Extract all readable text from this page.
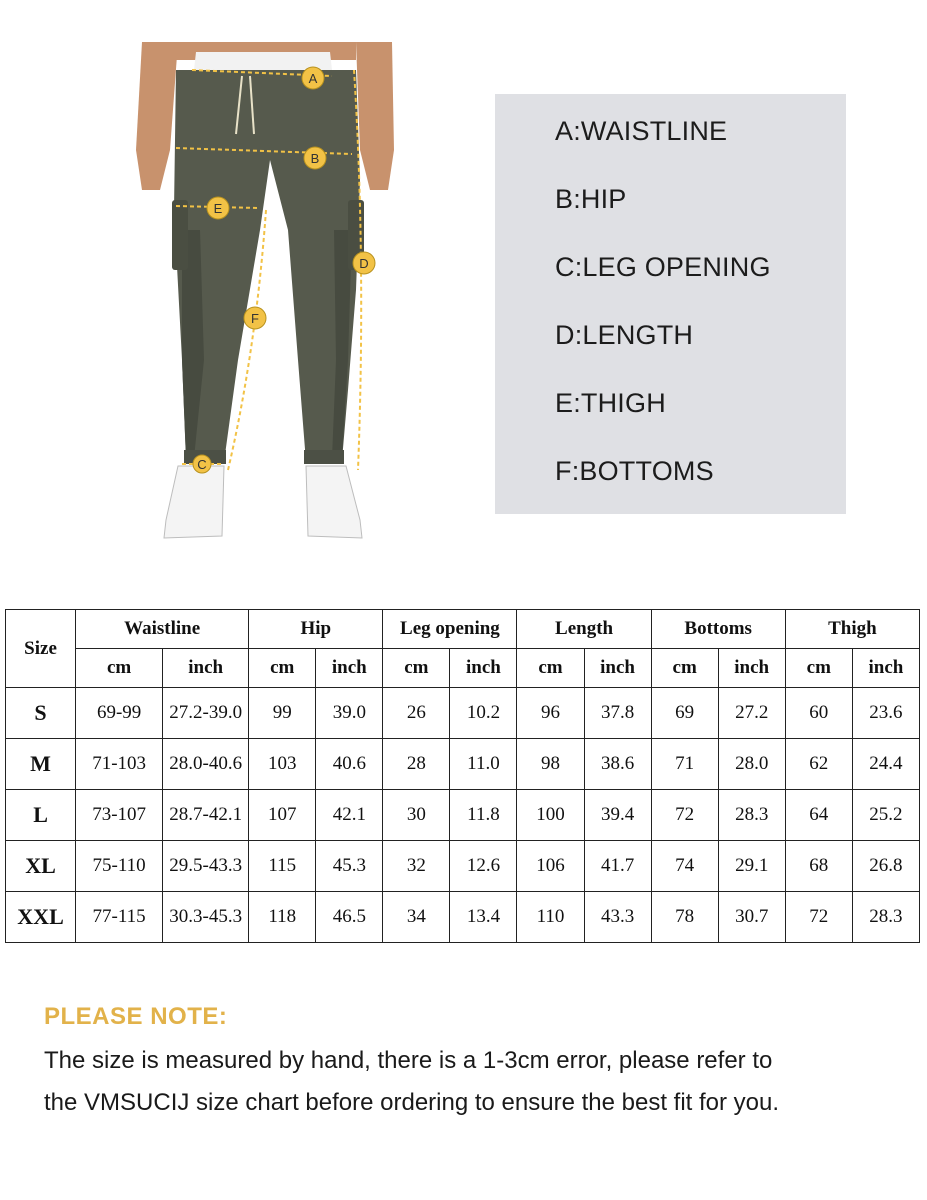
A
B
C
D
E
F
A:WAISTLINE
B:HIP
C:LEG OPENING
D:LENGTH
E:THIGH
F:BOTTOMS
Size	Waistline		Hip		Leg opening		Length		Bottoms		Thigh	
	cm	inch	cm	inch	cm	inch	cm	inch	cm	inch	cm	inch
S	69-99	27.2-39.0	99	39.0	26	10.2	96	37.8	69	27.2	60	23.6
M	71-103	28.0-40.6	103	40.6	28	11.0	98	38.6	71	28.0	62	24.4
L	73-107	28.7-42.1	107	42.1	30	11.8	100	39.4	72	28.3	64	25.2
XL	75-110	29.5-43.3	115	45.3	32	12.6	106	41.7	74	29.1	68	26.8
XXL	77-115	30.3-45.3	118	46.5	34	13.4	110	43.3	78	30.7	72	28.3
PLEASE NOTE:
The size is measured by hand, there is a 1-3cm error, please refer to
the VMSUCIJ size chart before ordering to ensure the best fit for you.
